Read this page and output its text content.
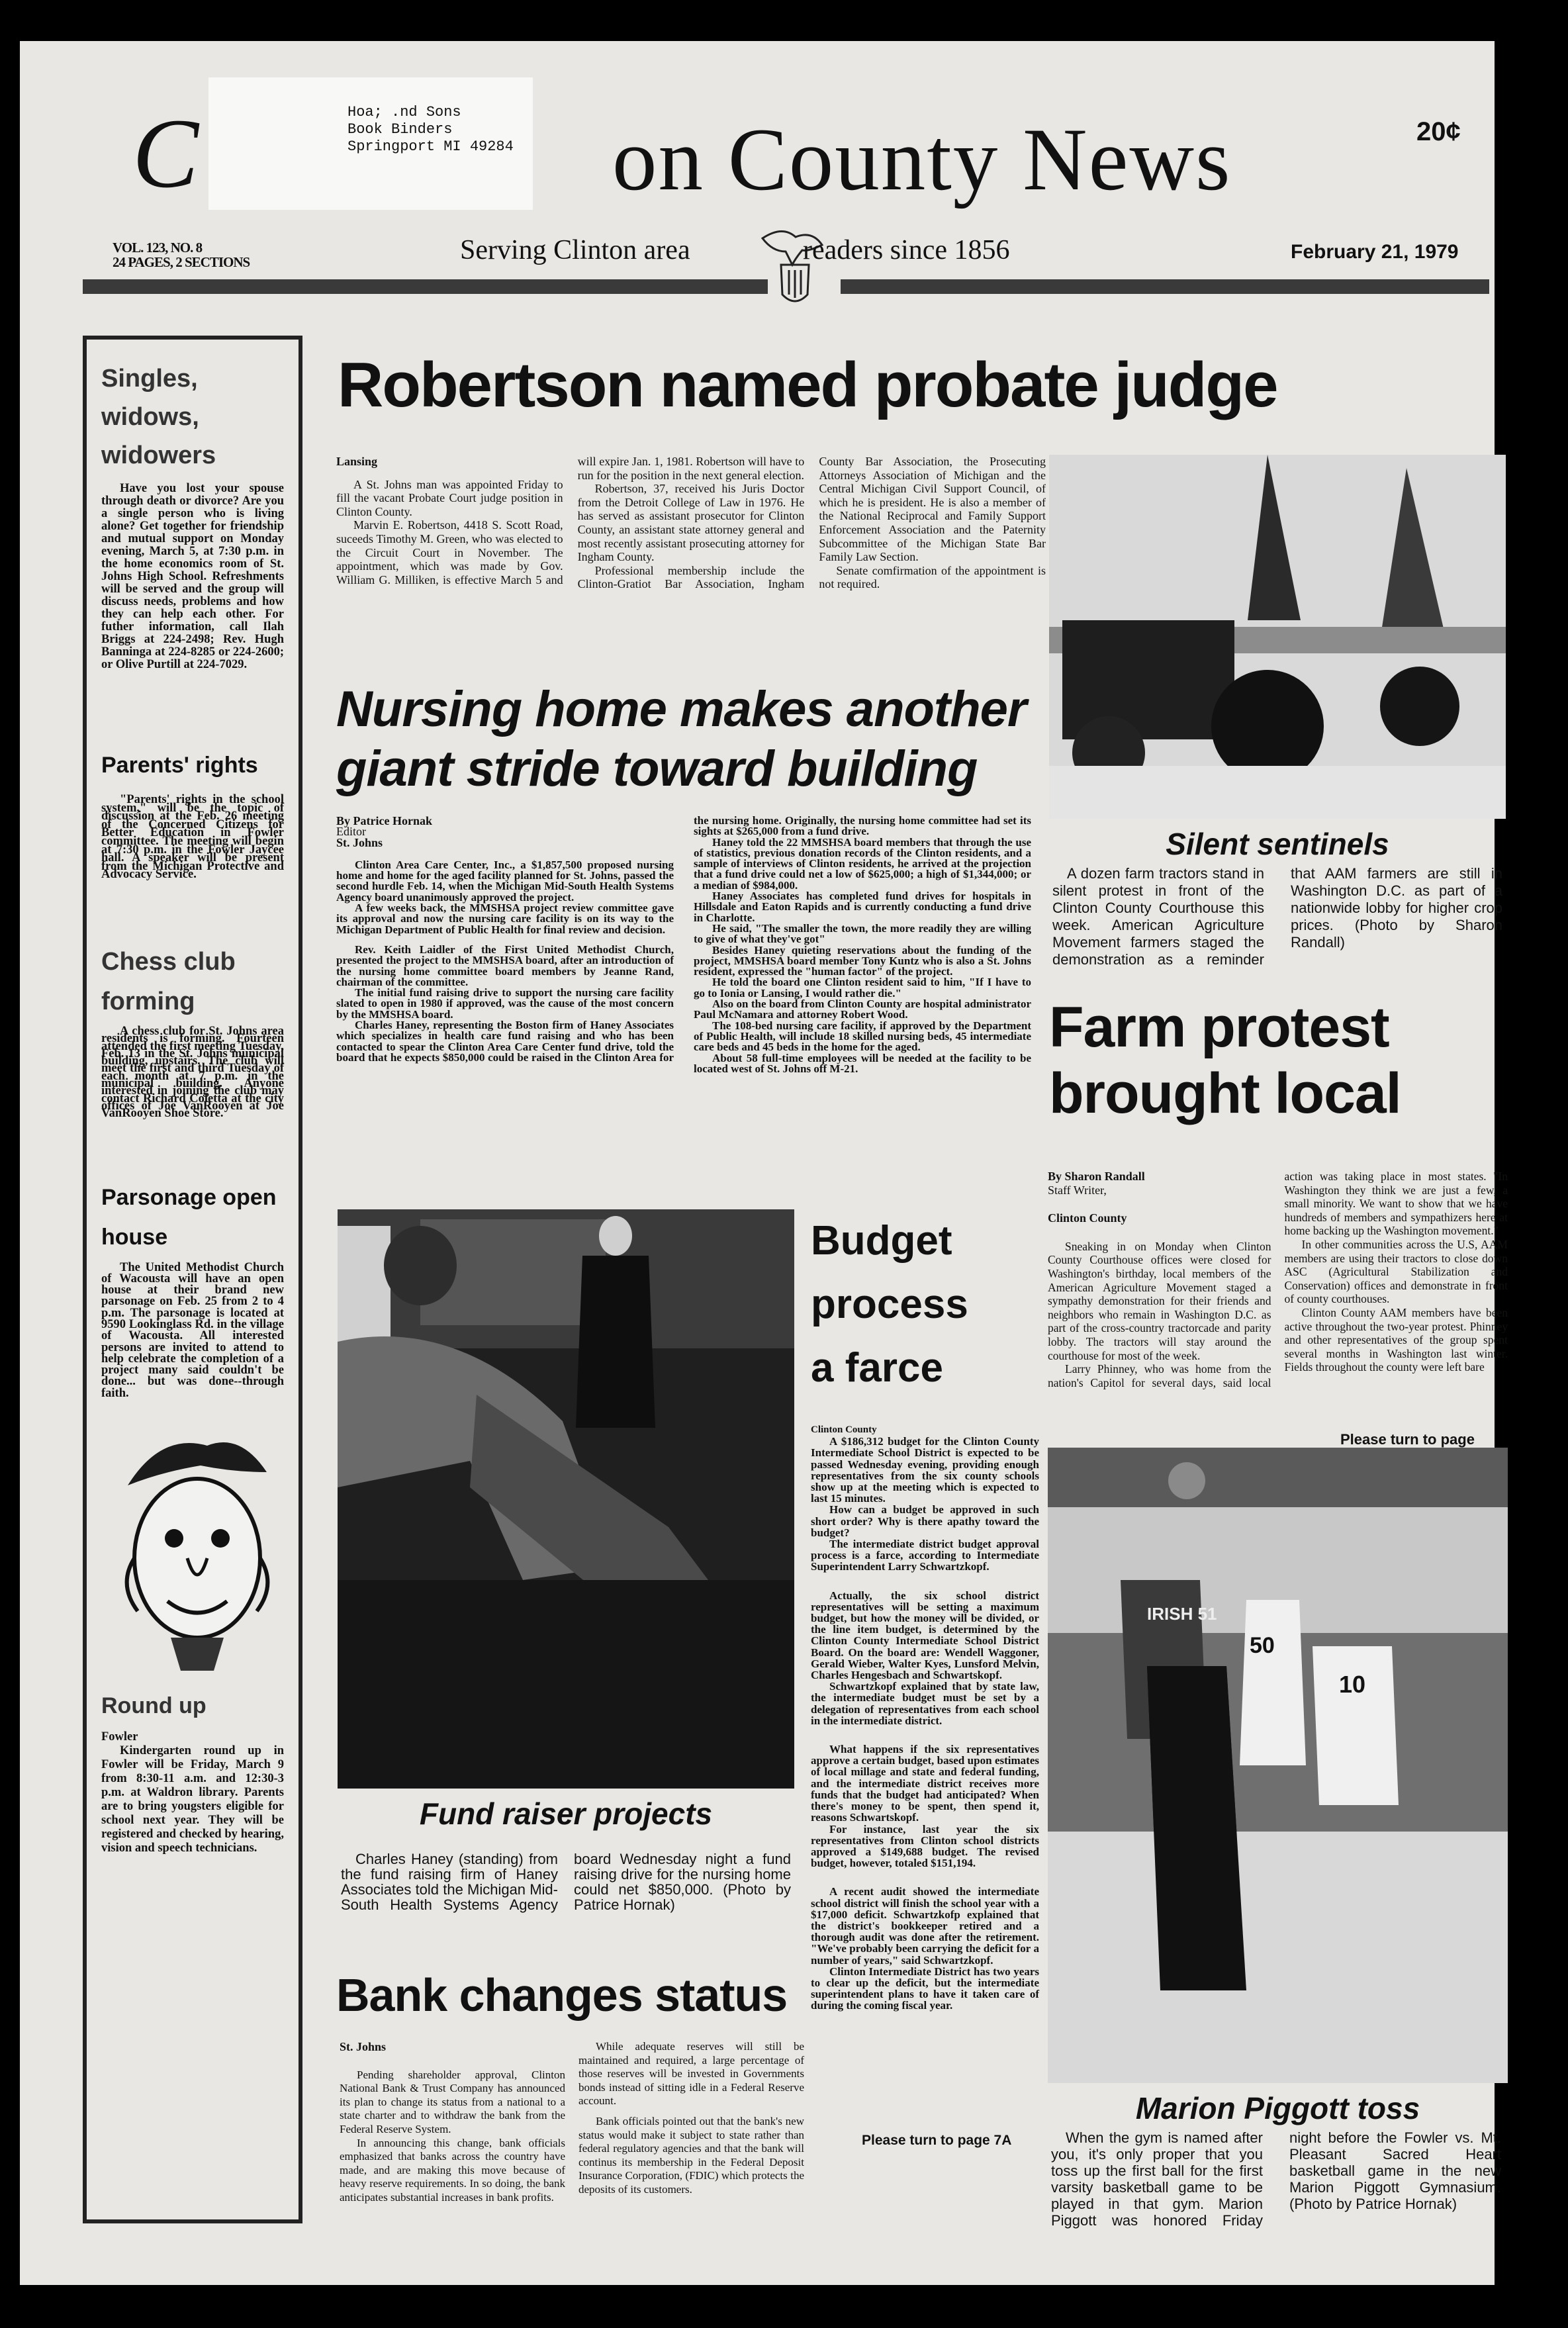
C	Hoa; .nd Sons
Book Binders
Springport MI 49284 on County News	20¢
VOL. 123, NO. 8
24 PAGES, 2 SECTIONS	Serving Clinton area	readers since 1856	February 21, 1979
Singles, widows, widowers

Have you lost your spouse through death or divorce? Are you a single person who is living alone? Get together for friendship and mutual support on Monday evening, March 5, at 7:30 p.m. in the home economics room of St. Johns High School. Refreshments will be served and the group will discuss needs, problems and how they can help each other. For futher information, call Ilah Briggs at 224-2498; Rev. Hugh Banninga at 224-8285 or 224-2600; or Olive Purtill at 224-7029.

Parents' rights

"Parents' rights in the school system," will be the topic of discussion at the Feb. 26 meeting of the Concerned Citizens for Better Education in Fowler committee. The meeting will begin at 7:30 p.m. in the Fowler Jaycee hall. A speaker will be present from the Michigan Protective and Advocacy Service.

Chess club forming

A chess club for St. Johns area residents is forming. Fourteen attended the first meeting Tuesday, Feb. 13 in the St. Johns municipal building, upstairs. The club will meet the first and third Tuesday of each month at 7 p.m. in the municipal building. Anyone interested in joining the club may contact Richard Coletta at the city offices of Joe VanRooyen at Joe VanRooyen Shoe Store.

Parsonage open house

The United Methodist Church of Wacousta will have an open house at their brand new parsonage on Feb. 25 from 2 to 4 p.m. The parsonage is located at 9590 Lookinglass Rd. in the village of Wacousta. All interested persons are invited to attend to help celebrate the completion of a project many said couldn't be done... but was done--through faith.

Round up

Fowler

Kindergarten round up in Fowler will be Friday, March 9 from 8:30-11 a.m. and 12:30-3 p.m. at Waldron library. Parents are to bring yougsters eligible for school next year. They will be registered and checked by hearing, vision and speech technicians.

Robertson named probate judge
Lansing

A St. Johns man was appointed Friday to fill the vacant Probate Court judge position in Clinton County.

Marvin E. Robertson, 4418 S. Scott Road, suceeds Timothy M. Green, who was elected to the Circuit Court in November. The appointment, which was made by Gov. William G. Milliken, is effective March 5 and will expire Jan. 1, 1981. Robertson will have to run for the position in the next general election.

Robertson, 37, received his Juris Doctor from the Detroit College of Law in 1976. He has served as assistant prosecutor for Clinton County, an assistant state attorney general and most recently assistant prosecuting attorney for Ingham County.

Professional membership include the Clinton-Gratiot Bar Association, Ingham County Bar Association, the Prosecuting Attorneys Association of Michigan and the Central Michigan Civil Support Council, of which he is president. He is also a member of the National Reciprocal and Family Support Enforcement Association and the Paternity Subcommittee of the Michigan State Bar Family Law Section.

Senate comfirmation of the appointment is not required.

Nursing home makes another
giant stride toward building
By Patrice Hornak
Editor
St. Johns

Clinton Area Care Center, Inc., a $1,857,500 proposed nursing home and home for the aged facility planned for St. Johns, passed the second hurdle Feb. 14, when the Michigan Mid-South Health Systems Agency board unanimously approved the project.

A few weeks back, the MMSHSA project review committee gave its approval and now the nursing care facility is on its way to the Michigan Department of Public Health for final review and decision.

Rev. Keith Laidler of the First United Methodist Church, presented the project to the MMSHSA board, after an introduction of the nursing home committee board members by Jeanne Rand, chairman of the committee.

The initial fund raising drive to support the nursing care facility slated to open in 1980 if approved, was the cause of the most concern by the MMSHSA board.

Charles Haney, representing the Boston firm of Haney Associates which specializes in health care fund raising and who has been contacted to spear the Clinton Area Care Center fund drive, told the board that he expects $850,000 could be raised in the Clinton Area for the nursing home. Originally, the nursing home committee had set its sights at $265,000 from a fund drive.

Haney told the 22 MMSHSA board members that through the use of statistics, previous donation records of the Clinton residents, and a sample of interviews of Clinton residents, he arrived at the projection that a fund drive could net a low of $625,000; a high of $1,344,000; or a median of $984,000.

Haney Associates has completed fund drives for hospitals in Hillsdale and Eaton Rapids and is currently conducting a fund drive in Charlotte.

He said, "The smaller the town, the more readily they are willing to give of what they've got"

Besides Haney quieting reservations about the funding of the project, MMSHSA board member Tony Kuntz who is also a St. Johns resident, expressed the "human factor" of the project.

He told the board one Clinton resident said to him, "If I have to go to Ionia or Lansing, I would rather die."

Also on the board from Clinton County are hospital administrator Paul McNamara and attorney Robert Wood.

The 108-bed nursing care facility, if approved by the Department of Public Health, will include 18 skilled nursing beds, 45 intermediate care beds and 45 beds in the home for the aged.

About 58 full-time employees will be needed at the facility to be located west of St. Johns off M-21.

Silent sentinels

A dozen farm tractors stand in silent protest in front of the Clinton County Courthouse this week. American Agriculture Movement farmers staged the demonstration as a reminder that AAM farmers are still in Washington D.C. as part of a nationwide lobby for higher crop prices. (Photo by Sharon Randall)

Farm protest
brought local
By Sharon Randall
Staff Writer,
Clinton County

Sneaking in on Monday when Clinton County Courthouse offices were closed for Washington's birthday, local members of the American Agriculture Movement staged a sympathy demonstration for their friends and neighbors who remain in Washington D.C. as part of the cross-country tractorcade and parity lobby. The tractors will stay around the courthouse for most of the week.

Larry Phinney, who was home from the nation's Capitol for several days, said local action was taking place in most states. "In Washington they think we are just a few, a small minority. We want to show that we have hundreds of members and sympathizers here at home backing up the Washington movement."

In other communities across the U.S, AAM members are using their tractors to close down ASC (Agricultural Stabilization and Conservation) offices and demonstrate in front of county courthouses.

Clinton County AAM members have been active throughout the two-year protest. Phinney and other representatives of the group spent several months in Washington last winter. Fields throughout the county were left bare

Please turn to page
Budget
process
a farce

Clinton County

A $186,312 budget for the Clinton County Intermediate School District is expected to be passed Wednesday evening, providing enough representatives from the six county schools show up at the meeting which is expected to last 15 minutes.

How can a budget be approved in such short order? Why is there apathy toward the budget?

The intermediate district budget approval process is a farce, according to Intermediate Superintendent Larry Schwartzkopf.

Actually, the six school district representatives will be setting a maximum budget, but how the money will be divided, or the line item budget, is determined by the Clinton County Intermediate School District Board. On the board are: Wendell Waggoner, Gerald Wieber, Walter Kyes, Lunsford Melvin, Charles Hengesbach and Schwartskopf.

Schwartzkopf explained that by state law, the intermediate budget must be set by a delegation of representatives from each school in the intermediate district.

What happens if the six representatives approve a certain budget, based upon estimates of local millage and state and federal funding, and the intermediate district receives more funds that the budget had anticipated? When there's money to be spent, then spend it, reasons Schwartskopf.

For instance, last year the six representatives from Clinton school districts approved a $149,688 budget. The revised budget, however, totaled $151,194.

A recent audit showed the intermediate school district will finish the school year with a $17,000 deficit. Schwartzkofp explained that the district's bookkeeper retired and a thorough audit was done after the retirement. "We've probably been carrying the deficit for a number of years," said Schwartzkopf.

Clinton Intermediate District has two years to clear up the deficit, but the intermediate superintendent plans to have it taken care of during the coming fiscal year.

Please turn to page 7A
Fund raiser projects

Charles Haney (standing) from the fund raising firm of Haney Associates told the Michigan Mid-South Health Systems Agency board Wednesday night a fund raising drive for the nursing home could net $850,000. (Photo by Patrice Hornak)

Bank changes status
St. Johns

Pending shareholder approval, Clinton National Bank & Trust Company has announced its plan to change its status from a national to a state charter and to withdraw the bank from the Federal Reserve System.

In announcing this change, bank officials emphasized that banks across the country have made, and are making this move because of heavy reserve requirements. In so doing, the bank anticipates substantial increases in bank profits.

While adequate reserves will still be maintained and required, a large percentage of those reserves will be invested in Governments bonds instead of sitting idle in a Federal Reserve account.

Bank officials pointed out that the bank's new status would make it subject to state rather than federal regulatory agencies and that the bank will continus its membership in the Federal Deposit Insurance Corporation, (FDIC) which protects the deposits of its customers.

IRISH 51
50
10
Marion Piggott toss

When the gym is named after you, it's only proper that you toss up the first ball for the first varsity basketball game to be played in that gym. Marion Piggott was honored Friday night before the Fowler vs. Mt. Pleasant Sacred Heart basketball game in the new Marion Piggott Gymnasium. (Photo by Patrice Hornak)
